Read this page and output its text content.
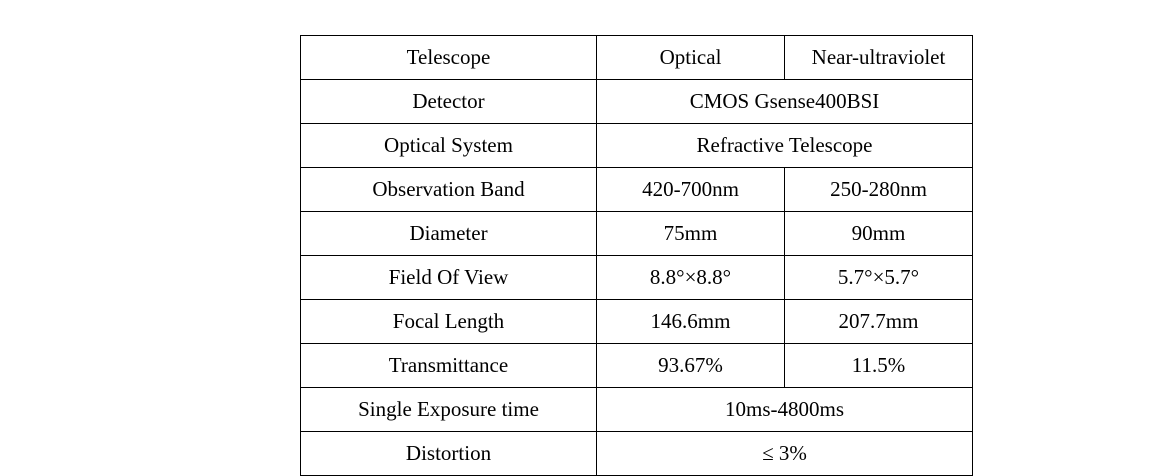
Telescope	Optical	Near-ultraviolet
Detector	CMOS Gsense400BSI	
Optical System	Refractive Telescope	
Observation Band	420-700nm	250-280nm
Diameter	75mm	90mm
Field Of View	8.8°×8.8°	5.7°×5.7°
Focal Length	146.6mm	207.7mm
Transmittance	93.67%	11.5%
Single Exposure time	10ms-4800ms	
Distortion	≤ 3%	
